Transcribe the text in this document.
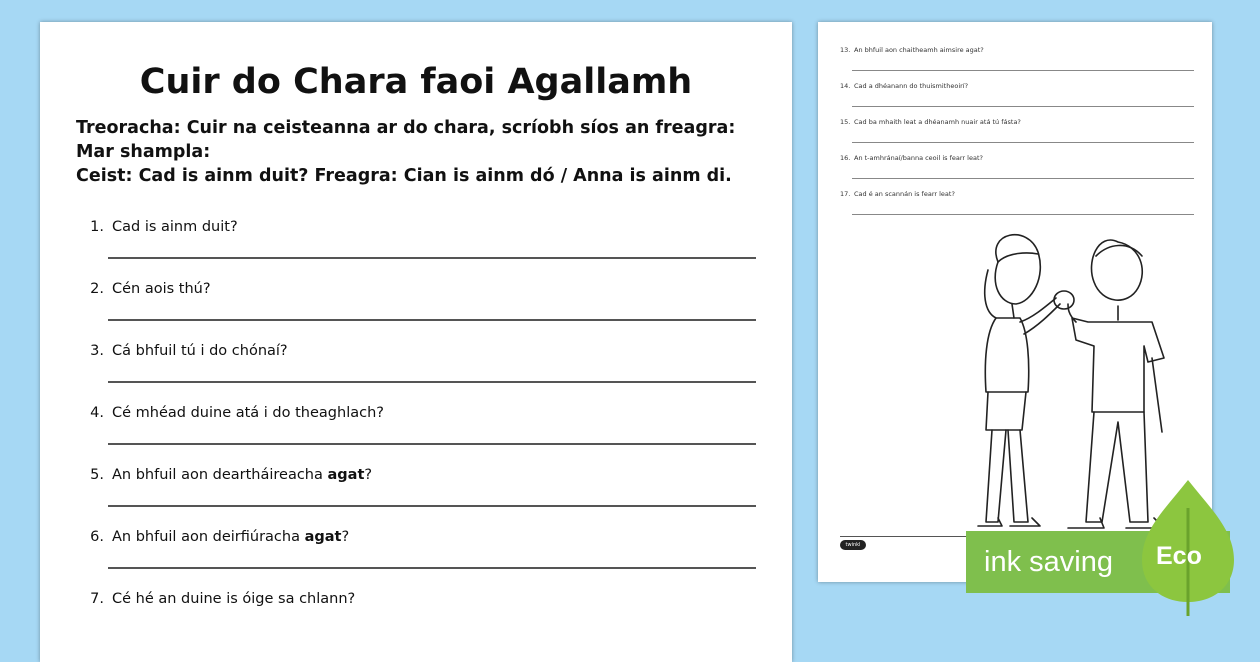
Cuir do Chara faoi Agallamh
Treoracha: Cuir na ceisteanna ar do chara, scríobh síos an freagra:
Mar shampla:
Ceist: Cad is ainm duit? Freagra: Cian is ainm dó / Anna is ainm di.
1. Cad is ainm duit?
2. Cén aois thú?
3. Cá bhfuil tú i do chónaí?
4. Cé mhéad duine atá i do theaghlach?
5. An bhfuil aon deartháireacha agat?
6. An bhfuil aon deirfiúracha agat?
7. Cé hé an duine is óige sa chlann?
13. An bhfuil aon chaitheamh aimsire agat?
14. Cad a dhéanann do thuismitheoirí?
15. Cad ba mhaith leat a dhéanamh nuair atá tú fásta?
16. An t-amhránaí/banna ceoil is fearr leat?
17. Cad é an scannán is fearr leat?
twinkl
ink saving Eco
